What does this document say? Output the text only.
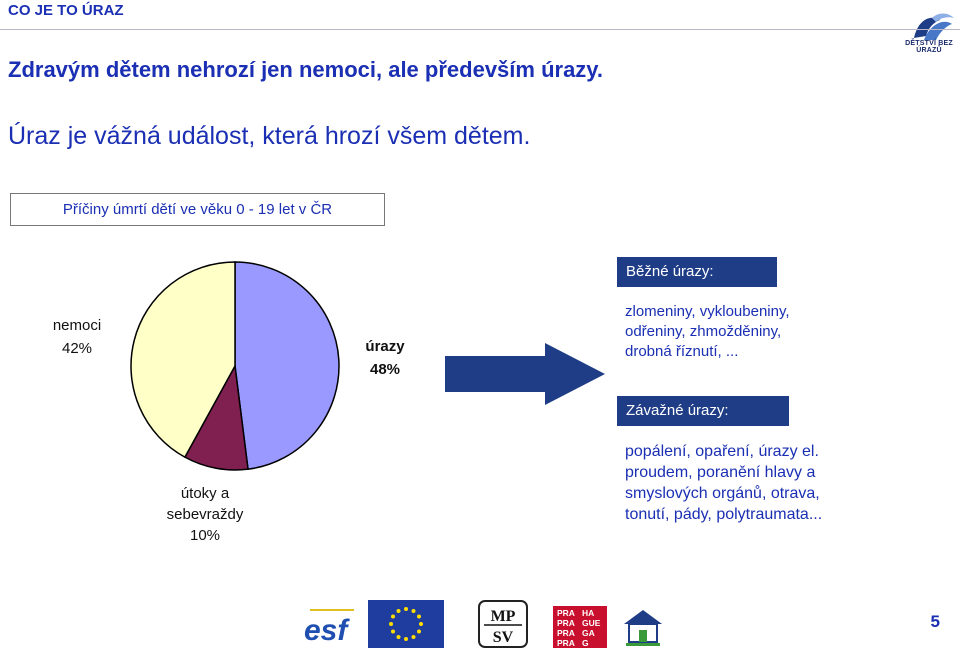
CO JE TO ÚRAZ
DĚTSTVÍ BEZ ÚRAZŮ
Zdravým dětem nehrozí jen nemoci, ale především úrazy.
Úraz je vážná událost, která hrozí všem dětem.
Příčiny úmrtí dětí ve věku 0 - 19 let v ČR
nemoci
42%	úrazy
48%
útoky a
sebevraždy
10%
Běžné úrazy:
zlomeniny, vykloubeniny,
odřeniny, zhmožděniny,
drobná říznutí, ...
Závažné úrazy:
popálení, opaření, úrazy el.
proudem, poranění hlavy a
smyslových orgánů, otrava,
tonutí, pády, polytraumata...
esf	MP
SV
PRA HA
PRA GUE
PRA GA
PRA G
5
